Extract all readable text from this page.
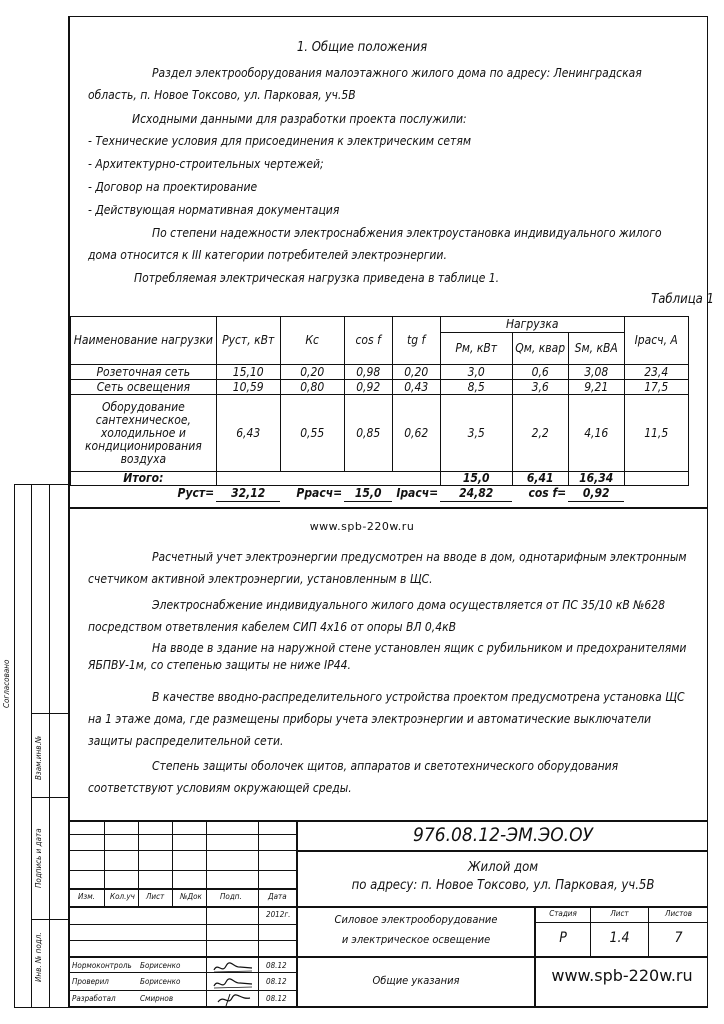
1. Общие положения
Раздел электрооборудования малоэтажного жилого дома по адресу: Ленинградская область, п. Новое Токсово, ул. Парковая, уч.5В
Исходными данными для разработки проекта послужили:
- Технические условия для присоединения к электрическим сетям
- Архитектурно-строительных чертежей;
- Договор на проектирование
- Действующая нормативная документация
По степени надежности электроснабжения электроустановка индивидуального жилого дома относится к III категории потребителей электроэнергии.
Потребляемая электрическая нагрузка приведена в таблице 1.
Таблица 1
Наименование нагрузки	Руст, кВт	Кс	cos f	tg f	Нагрузка			Iрасч, А
					Рм, кВт	Qм, квар	Sм, кВА	
Розеточная сеть	15,10	0,20	0,98	0,20	3,0	0,6	3,08	23,4
Сеть освещения	10,59	0,80	0,92	0,43	8,5	3,6	9,21	17,5
Оборудование сантехническое, холодильное и кондиционирования воздуха	6,43	0,55	0,85	0,62	3,5	2,2	4,16	11,5
Итого:					15,0	6,41	16,34	
Руст=	32,12	Ррасч=	15,0	Iрасч=	24,82	cos f=	0,92	
www.spb-220w.ru
Расчетный учет электроэнергии предусмотрен на вводе в дом, однотарифным электронным счетчиком активной электроэнергии, установленным в ЩС.
Электроснабжение индивидуального жилого дома осуществляется от ПС 35/10 кВ №628 посредством ответвления кабелем СИП 4х16 от опоры ВЛ 0,4кВ
На вводе в здание на наружной стене установлен ящик с рубильником и предохранителями ЯБПВУ-1м, со степенью защиты не ниже IP44.
В качестве вводно-распределительного устройства проектом предусмотрена установка ЩС на 1 этаже дома, где размещены приборы учета электроэнергии и автоматические выключатели защиты распределительной сети.
Степень защиты оболочек щитов, аппаратов и светотехнического оборудования соответствуют условиям окружающей среды.
Согласовано
Взам.инв.№
Подпись и дата
Инв. № подл.
Изм. Кол.уч Лист №Док Подп.	Дата
2012г.
Нормоконтроль Борисенко	08.12
Проверил	Борисенко	08.12
Разработал	Смирнов	08.12
976.08.12-ЭМ.ЭО.ОУ
Жилой дом
по адресу: п. Новое Токсово, ул. Парковая, уч.5В
Силовое электрооборудование
и электрическое освещение
Стадия	Лист	Листов
Р	1.4	7
Общие указания	www.spb-220w.ru
